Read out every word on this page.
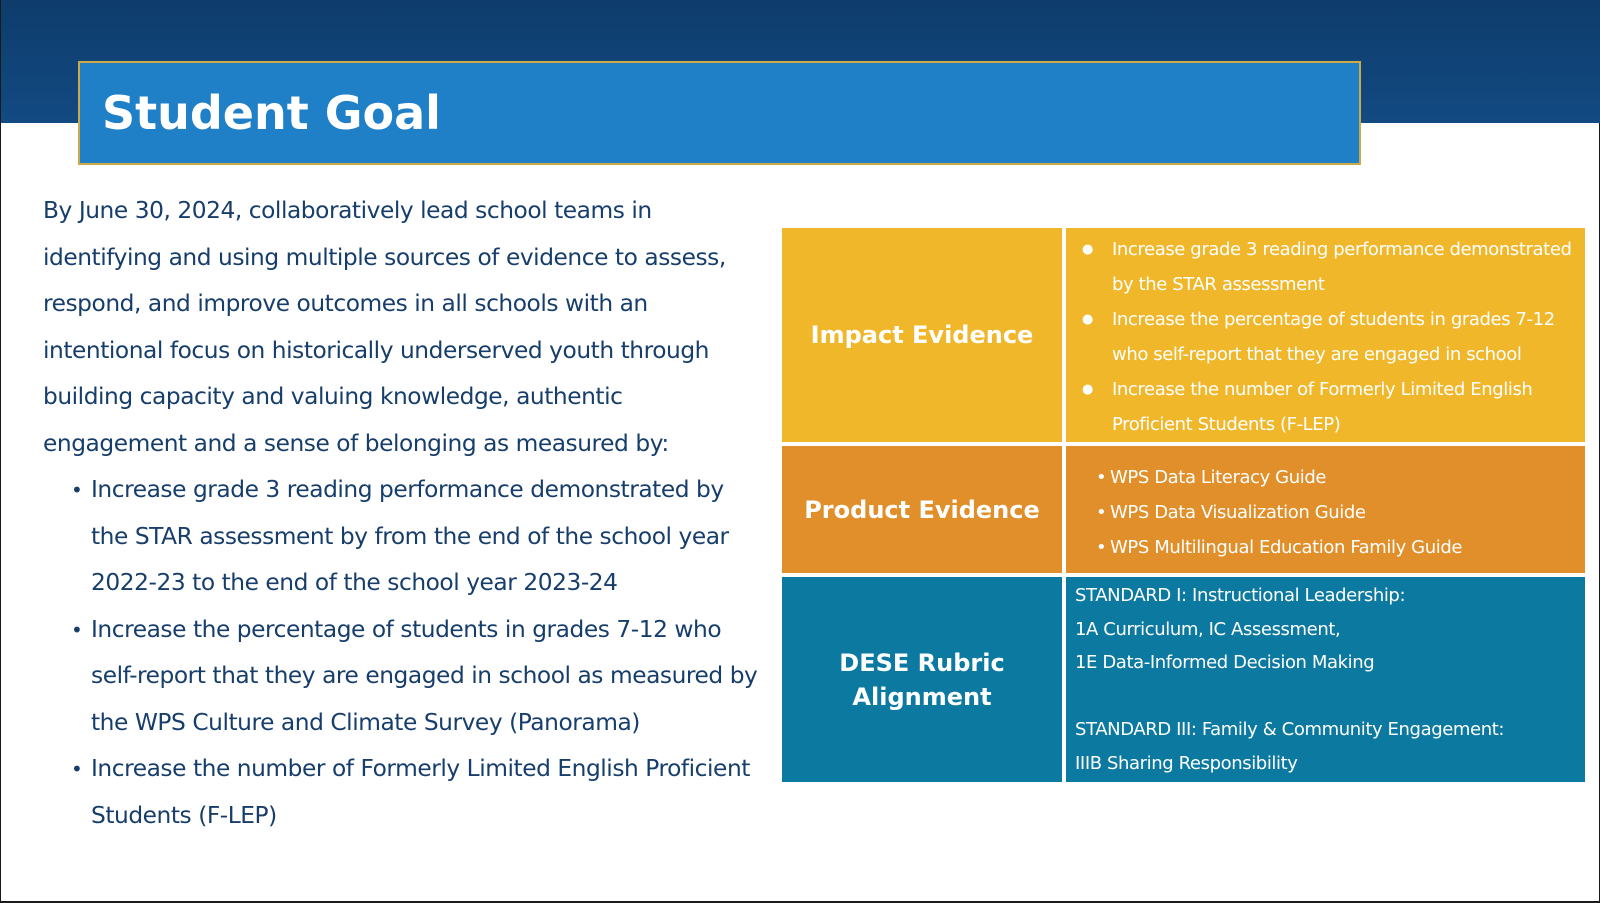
Student Goal

By June 30, 2024, collaboratively lead school teams in identifying and using multiple sources of evidence to assess, respond, and improve outcomes in all schools with an intentional focus on historically underserved youth through building capacity and valuing knowledge, authentic engagement and a sense of belonging as measured by:

• Increase grade 3 reading performance demonstrated by the STAR assessment by from the end of the school year 2022-23 to the end of the school year 2023-24
• Increase the percentage of students in grades 7-12 who self-report that they are engaged in school as measured by the WPS Culture and Climate Survey (Panorama)
• Increase the number of Formerly Limited English Proficient Students (F-LEP)
Impact Evidence
● Increase grade 3 reading performance demonstrated by the STAR assessment
● Increase the percentage of students in grades 7-12 who self-report that they are engaged in school
● Increase the number of Formerly Limited English Proficient Students (F-LEP)
Product Evidence
• WPS Data Literacy Guide
• WPS Data Visualization Guide
• WPS Multilingual Education Family Guide
DESE Rubric
Alignment
STANDARD I: Instructional Leadership:
1A Curriculum, IC Assessment,
1E Data-Informed Decision Making
STANDARD III: Family & Community Engagement:
IIIB Sharing Responsibility
